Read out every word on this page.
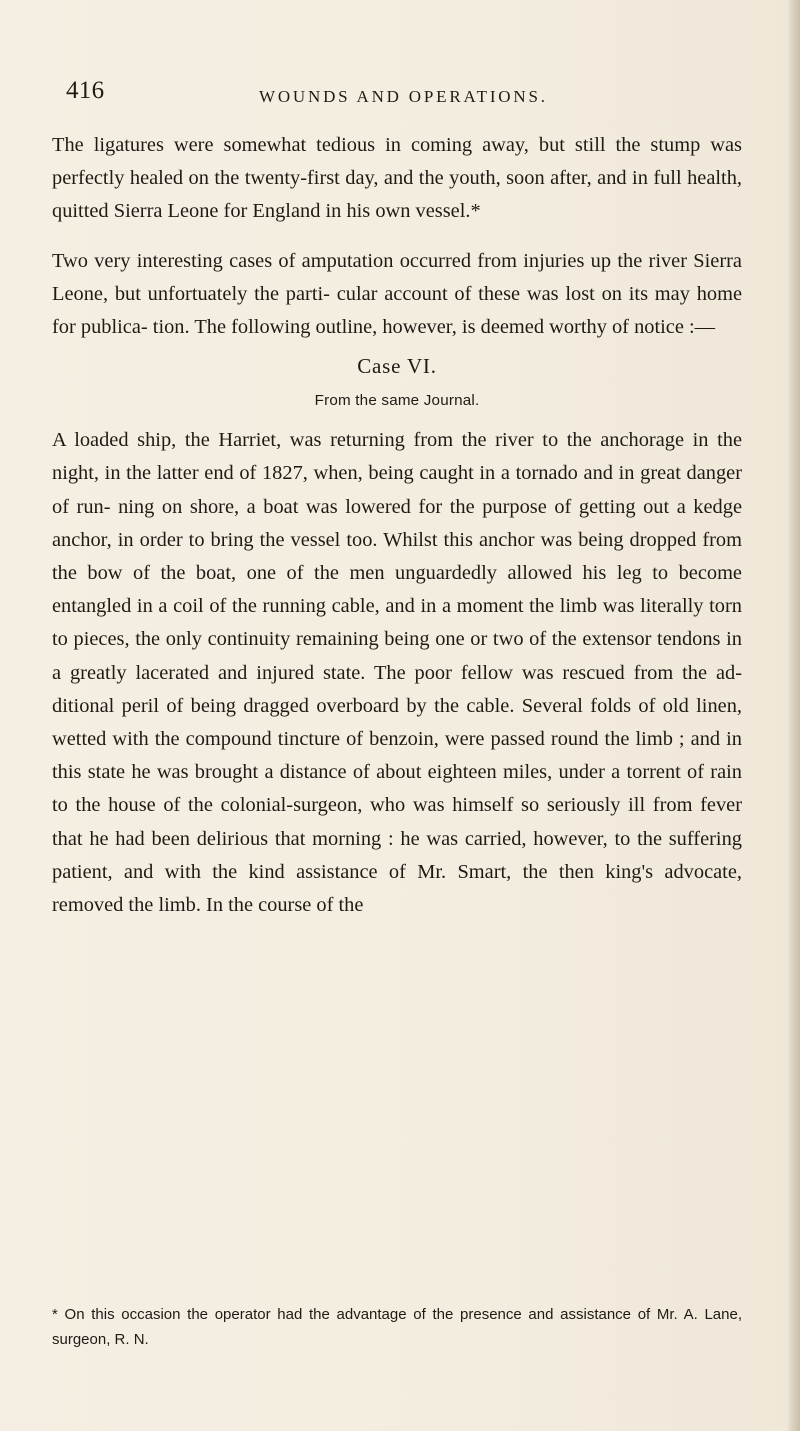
416	WOUNDS AND OPERATIONS.

The ligatures were somewhat tedious in coming away, but still the stump was perfectly healed on the twenty-first day, and the youth, soon after, and in full health, quitted Sierra Leone for England in his own vessel.*

Two very interesting cases of amputation occurred from injuries up the river Sierra Leone, but unfortuately the parti- cular account of these was lost on its may home for publica- tion. The following outline, however, is deemed worthy of notice :—

Case VI.
From the same Journal.

A loaded ship, the Harriet, was returning from the river to the anchorage in the night, in the latter end of 1827, when, being caught in a tornado and in great danger of run- ning on shore, a boat was lowered for the purpose of getting out a kedge anchor, in order to bring the vessel too. Whilst this anchor was being dropped from the bow of the boat, one of the men unguardedly allowed his leg to become entangled in a coil of the running cable, and in a moment the limb was literally torn to pieces, the only continuity remaining being one or two of the extensor tendons in a greatly lacerated and injured state. The poor fellow was rescued from the ad- ditional peril of being dragged overboard by the cable. Several folds of old linen, wetted with the compound tincture of benzoin, were passed round the limb ; and in this state he was brought a distance of about eighteen miles, under a torrent of rain to the house of the colonial-surgeon, who was himself so seriously ill from fever that he had been delirious that morning : he was carried, however, to the suffering patient, and with the kind assistance of Mr. Smart, the then king's advocate, removed the limb. In the course of the

* On this occasion the operator had the advantage of the presence and assistance of Mr. A. Lane, surgeon, R. N.
